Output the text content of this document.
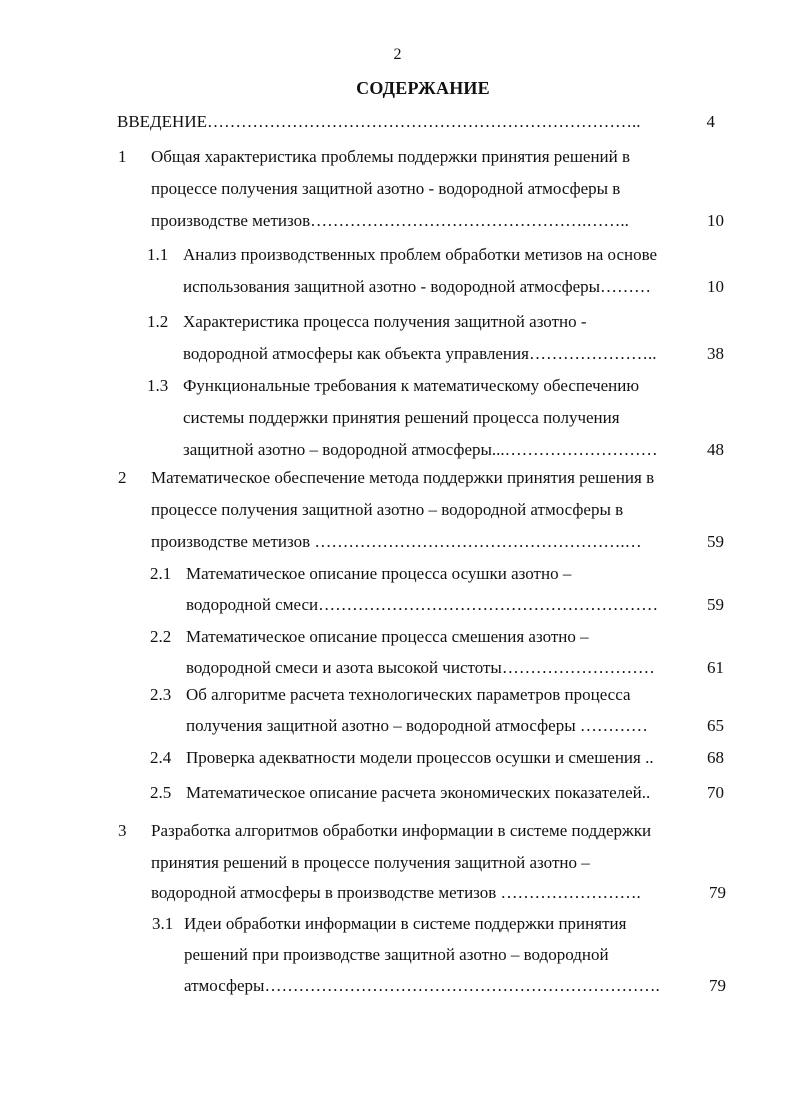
2
СОДЕРЖАНИЕ
ВВЕДЕНИЕ…………………………………………………………………..	4
1 Общая характеристика проблемы поддержки принятия решений в
процессе получения защитной азотно - водородной атмосферы в
производстве метизов………………………………………….……..	10
1.1 Анализ производственных проблем обработки метизов на основе
использования защитной азотно - водородной атмосферы………	10
1.2 Характеристика процесса получения защитной азотно -
водородной атмосферы как объекта управления…………………..	38
1.3 Функциональные требования к математическому обеспечению
системы поддержки принятия решений процесса получения
защитной азотно – водородной атмосферы...………………………	48
2 Математическое обеспечение метода поддержки принятия решения в
процессе получения защитной азотно – водородной атмосферы в
производстве метизов ……………………………………………….…	59
2.1 Математическое описание процесса осушки азотно –
водородной смеси……………………………………………………	59
2.2 Математическое описание процесса смешения азотно –
водородной смеси и азота высокой чистоты………………………	61
2.3 Об алгоритме расчета технологических параметров процесса
получения защитной азотно – водородной атмосферы …………	65
2.4 Проверка адекватности модели процессов осушки и смешения ..	68
2.5 Математическое описание расчета экономических показателей..	70
3 Разработка алгоритмов обработки информации в системе поддержки
принятия решений в процессе получения защитной азотно –
водородной атмосферы в производстве метизов …………………….	79
3.1 Идеи обработки информации в системе поддержки принятия
решений при производстве защитной азотно – водородной
атмосферы…………………………………………………………….	79
